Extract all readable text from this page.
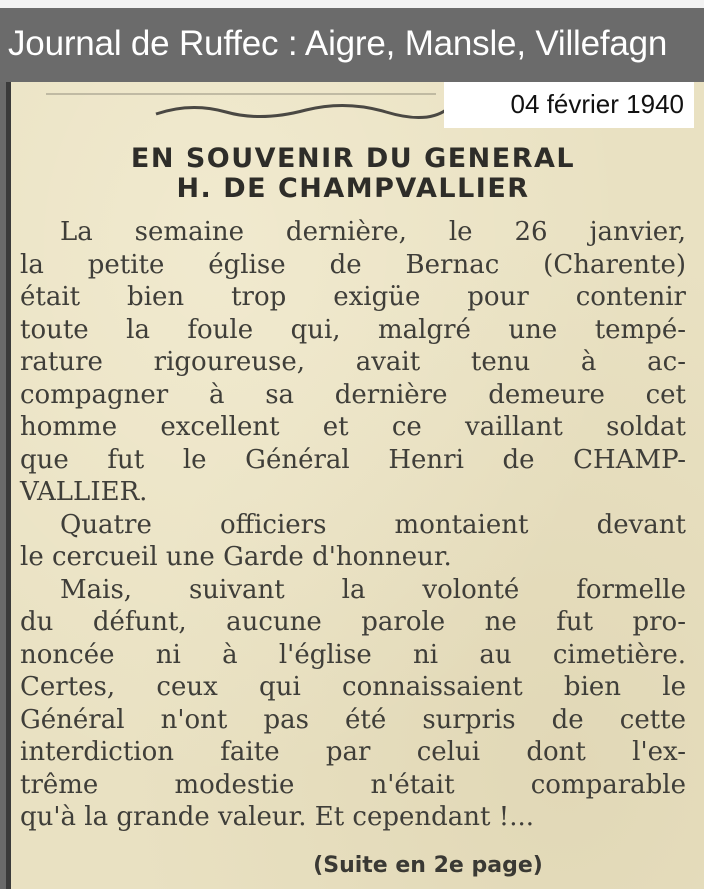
Journal de Ruffec : Aigre, Mansle, Villefagn
04 février 1940
EN SOUVENIR DU GENERAL
H. DE CHAMPVALLIER

La semaine dernière, le 26 janvier,
la petite église de Bernac (Charente)
était bien trop exigüe pour contenir
toute la foule qui, malgré une tempé-
rature rigoureuse, avait tenu à ac-
compagner à sa dernière demeure cet
homme excellent et ce vaillant soldat
que fut le Général Henri de CHAMP-
VALLIER.

Quatre officiers montaient devant
le cercueil une Garde d'honneur.

Mais, suivant la volonté formelle
du défunt, aucune parole ne fut pro-
noncée ni à l'église ni au cimetière.
Certes, ceux qui connaissaient bien le
Général n'ont pas été surpris de cette
interdiction faite par celui dont l'ex-
trême modestie n'était comparable
qu'à la grande valeur. Et cependant !...

(Suite en 2e page)
